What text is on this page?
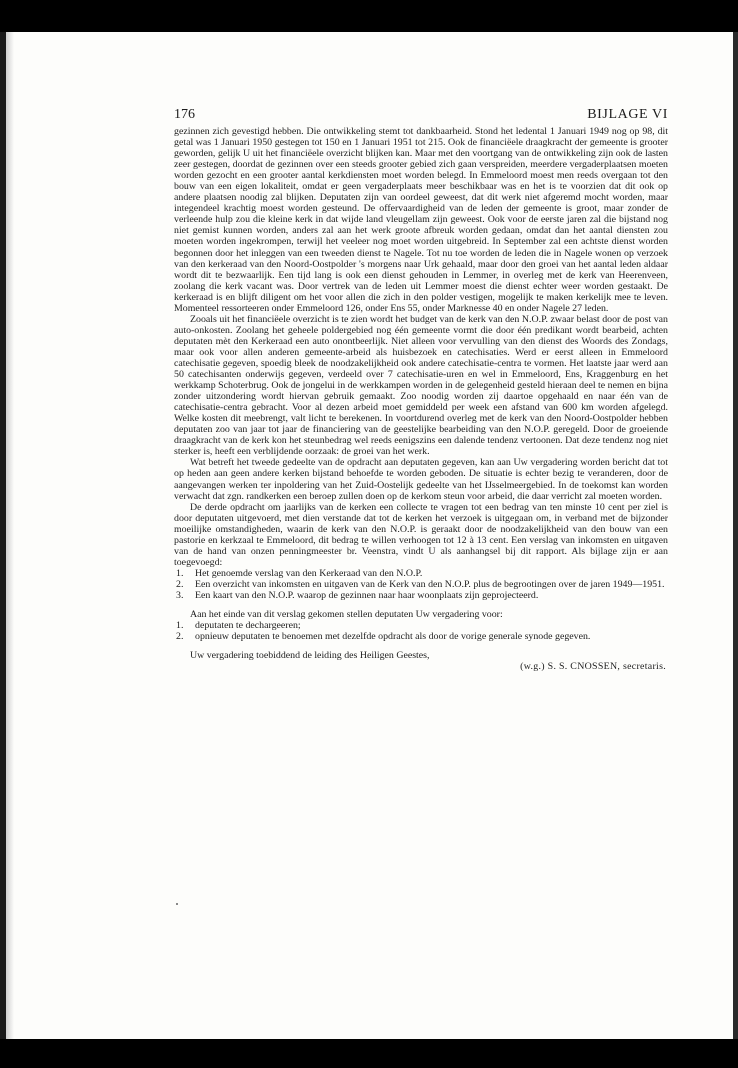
176	BIJLAGE VI

gezinnen zich gevestigd hebben. Die ontwikkeling stemt tot dankbaarheid. Stond het ledental 1 Januari 1949 nog op 98, dit getal was 1 Januari 1950 gestegen tot 150 en 1 Januari 1951 tot 215. Ook de financiëele draagkracht der gemeente is grooter geworden, gelijk U uit het financiëele overzicht blijken kan. Maar met den voortgang van de ontwikkeling zijn ook de lasten zeer gestegen, doordat de gezinnen over een steeds grooter gebied zich gaan verspreiden, meerdere vergaderplaatsen moeten worden gezocht en een grooter aantal kerkdiensten moet worden belegd. In Emmeloord moest men reeds overgaan tot den bouw van een eigen lokaliteit, omdat er geen vergaderplaats meer beschikbaar was en het is te voorzien dat dit ook op andere plaatsen noodig zal blijken. Deputaten zijn van oordeel geweest, dat dit werk niet afgeremd mocht worden, maar integendeel krachtig moest worden gesteund. De offervaardigheid van de leden der gemeente is groot, maar zonder de verleende hulp zou die kleine kerk in dat wijde land vleugellam zijn geweest. Ook voor de eerste jaren zal die bijstand nog niet gemist kunnen worden, anders zal aan het werk groote afbreuk worden gedaan, omdat dan het aantal diensten zou moeten worden ingekrompen, terwijl het veeleer nog moet worden uitgebreid. In September zal een achtste dienst worden begonnen door het inleggen van een tweeden dienst te Nagele. Tot nu toe worden de leden die in Nagele wonen op verzoek van den kerkeraad van den Noord-Oostpolder 's morgens naar Urk gehaald, maar door den groei van het aantal leden aldaar wordt dit te bezwaarlijk. Een tijd lang is ook een dienst gehouden in Lemmer, in overleg met de kerk van Heerenveen, zoolang die kerk vacant was. Door vertrek van de leden uit Lemmer moest die dienst echter weer worden gestaakt. De kerkeraad is en blijft diligent om het voor allen die zich in den polder vestigen, mogelijk te maken kerkelijk mee te leven. Momenteel ressorteeren onder Emmeloord 126, onder Ens 55, onder Marknesse 40 en onder Nagele 27 leden.

Zooals uit het financiëele overzicht is te zien wordt het budget van de kerk van den N.O.P. zwaar belast door de post van auto-onkosten. Zoolang het geheele poldergebied nog één gemeente vormt die door één predikant wordt bearbeid, achten deputaten mèt den Kerkeraad een auto onontbeerlijk. Niet alleen voor vervulling van den dienst des Woords des Zondags, maar ook voor allen anderen gemeente-arbeid als huisbezoek en catechisaties. Werd er eerst alleen in Emmeloord catechisatie gegeven, spoedig bleek de noodzakelijkheid ook andere catechisatie-centra te vormen. Het laatste jaar werd aan 50 catechisanten onderwijs gegeven, verdeeld over 7 catechisatie-uren en wel in Emmeloord, Ens, Kraggenburg en het werkkamp Schoterbrug. Ook de jongelui in de werkkampen worden in de gelegenheid gesteld hieraan deel te nemen en bijna zonder uitzondering wordt hiervan gebruik gemaakt. Zoo noodig worden zij daartoe opgehaald en naar één van de catechisatie-centra gebracht. Voor al dezen arbeid moet gemiddeld per week een afstand van 600 km worden afgelegd. Welke kosten dit meebrengt, valt licht te berekenen. In voortdurend overleg met de kerk van den Noord-Oostpolder hebben deputaten zoo van jaar tot jaar de financiering van de geestelijke bearbeiding van den N.O.P. geregeld. Door de groeiende draagkracht van de kerk kon het steunbedrag wel reeds eenigszins een dalende tendenz vertoonen. Dat deze tendenz nog niet sterker is, heeft een verblijdende oorzaak: de groei van het werk.

Wat betreft het tweede gedeelte van de opdracht aan deputaten gegeven, kan aan Uw vergadering worden bericht dat tot op heden aan geen andere kerken bijstand behoefde te worden geboden. De situatie is echter bezig te veranderen, door de aangevangen werken ter inpoldering van het Zuid-Oostelijk gedeelte van het IJsselmeergebied. In de toekomst kan worden verwacht dat zgn. randkerken een beroep zullen doen op de kerkom steun voor arbeid, die daar verricht zal moeten worden.

De derde opdracht om jaarlijks van de kerken een collecte te vragen tot een bedrag van ten minste 10 cent per ziel is door deputaten uitgevoerd, met dien verstande dat tot de kerken het verzoek is uitgegaan om, in verband met de bijzonder moeilijke omstandigheden, waarin de kerk van den N.O.P. is geraakt door de noodzakelijkheid van den bouw van een pastorie en kerkzaal te Emmeloord, dit bedrag te willen verhoogen tot 12 à 13 cent. Een verslag van inkomsten en uitgaven van de hand van onzen penningmeester br. Veenstra, vindt U als aanhangsel bij dit rapport. Als bijlage zijn er aan toegevoegd:

1. Het genoemde verslag van den Kerkeraad van den N.O.P.
2. Een overzicht van inkomsten en uitgaven van de Kerk van den N.O.P. plus de begrootingen over de jaren 1949—1951.
3. Een kaart van den N.O.P. waarop de gezinnen naar haar woonplaats zijn geprojecteerd.

Aan het einde van dit verslag gekomen stellen deputaten Uw vergadering voor:

1. deputaten te dechargeeren;
2. opnieuw deputaten te benoemen met dezelfde opdracht als door de vorige generale synode gegeven.

Uw vergadering toebiddend de leiding des Heiligen Geestes,

(w.g.) S. S. CNOSSEN, secretaris.
